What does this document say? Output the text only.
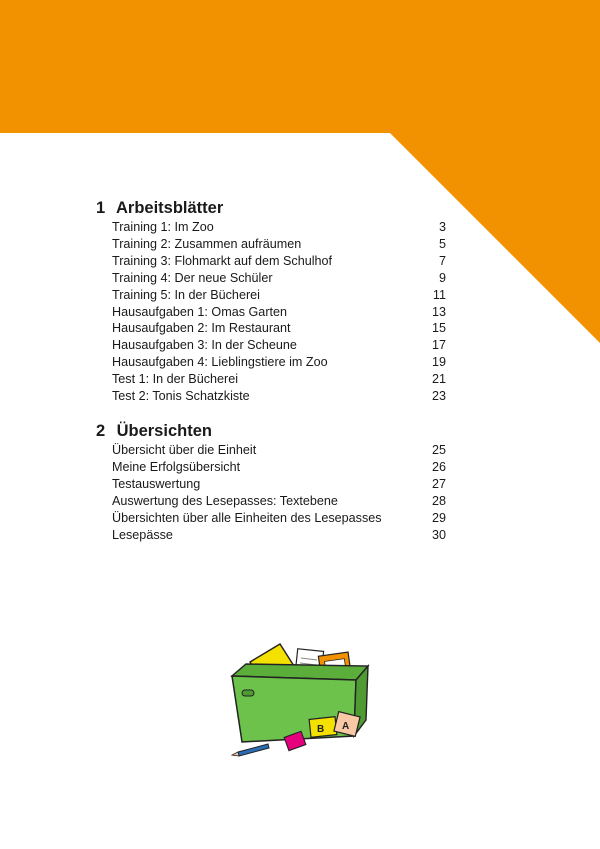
1 Arbeitsblätter
Training 1: Im Zoo	3
Training 2: Zusammen aufräumen	5
Training 3: Flohmarkt auf dem Schulhof	7
Training 4: Der neue Schüler	9
Training 5: In der Bücherei	11
Hausaufgaben 1: Omas Garten	13
Hausaufgaben 2: Im Restaurant	15
Hausaufgaben 3: In der Scheune	17
Hausaufgaben 4: Lieblingstiere im Zoo	19
Test 1: In der Bücherei	21
Test 2: Tonis Schatzkiste	23
2 Übersichten
Übersicht über die Einheit	25
Meine Erfolgsübersicht	26
Testauswertung	27
Auswertung des Lesepasses: Textebene	28
Übersichten über alle Einheiten des Lesepasses	29
Lesepässe	30
B A
